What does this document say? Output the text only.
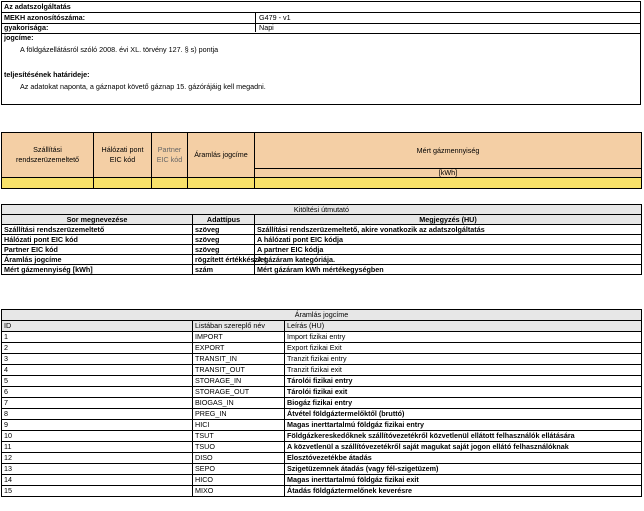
Az adatszolgáltatás
MEKH azonosítószáma:	G479 - v1
gyakorisága:	Napi
jogcíme:
A földgázellátásról szóló 2008. évi XL. törvény 127. § s) pontja
teljesítésének határideje:
Az adatokat naponta, a gáznapot követő gáznap 15. gázórájáig kell megadni.
Szállítási rendszerüzemeltető	Hálózati pont EIC kód	Partner EIC kód	Áramlás jogcíme	Mért gázmennyiség
				[kWh]

Kitöltési útmutató		
Sor megnevezése	Adattípus	Megjegyzés (HU)
Szállítási rendszerüzemeltető	szöveg	Szállítási rendszerüzemeltető, akire vonatkozik az adatszolgáltatás
Hálózati pont EIC kód	szöveg	A hálózati pont EIC kódja
Partner EIC kód	szöveg	A partner EIC kódja
Áramlás jogcíme	rögzített értékkészlet	A gázáram kategóriája.
Mért gázmennyiség [kWh]	szám	Mért gázáram kWh mértékegységben
Áramlás jogcíme		
ID	Listában szereplő név	Leírás (HU)
1	IMPORT	Import fizikai entry
2	EXPORT	Export fizikai Exit
3	TRANSIT_IN	Tranzit fizikai entry
4	TRANSIT_OUT	Tranzit fizikai exit
5	STORAGE_IN	Tárolói fizikai entry
6	STORAGE_OUT	Tárolói fizikai exit
7	BIOGAS_IN	Biogáz fizikai entry
8	PREG_IN	Átvétel földgáztermelőktől (bruttó)
9	HICI	Magas inerttartalmú földgáz fizikai entry
10	TSUT	Földgázkereskedőknek szállítóvezetékről közvetlenül ellátott felhasználók ellátására
11	TSUO	A közvetlenül a szállítóvezetékről saját magukat saját jogon ellátó felhasználóknak
12	DISO	Elosztóvezetékbe átadás
13	SEPO	Szigetüzemnek átadás (vagy fél-szigetüzem)
14	HICO	Magas inerttartalmú földgáz fizikai exit
15	MIXO	Átadás földgáztermelőnek keverésre
